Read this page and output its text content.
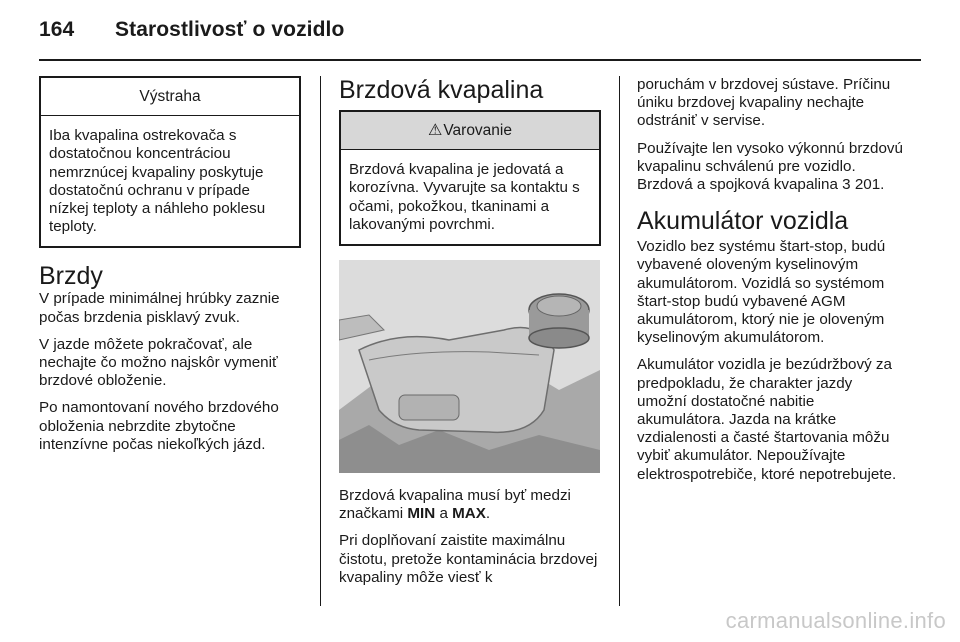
164 Starostlivosť o vozidlo
Výstraha
Iba kvapalina ostrekovača s dostatočnou koncentráciou nemrznúcej kvapaliny poskytuje dostatočnú ochranu v prípade nízkej teploty a náhleho poklesu teploty.
Brzdy

V prípade minimálnej hrúbky zaznie počas brzdenia pisklavý zvuk.

V jazde môžete pokračovať, ale nechajte čo možno najskôr vymeniť brzdové obloženie.

Po namontovaní nového brzdového obloženia nebrzdite zbytočne intenzívne počas niekoľkých jázd.

Brzdová kvapalina
⚠Varovanie
Brzdová kvapalina je jedovatá a korozívna. Vyvarujte sa kontaktu s očami, pokožkou, tkaninami a lakovanými povrchmi.

Brzdová kvapalina musí byť medzi značkami MIN a MAX.

Pri doplňovaní zaistite maximálnu čistotu, pretože kontaminácia brzdovej kvapaliny môže viesť k

poruchám v brzdovej sústave. Príčinu úniku brzdovej kvapaliny nechajte odstrániť v servise.

Používajte len vysoko výkonnú brzdovú kvapalinu schválenú pre vozidlo. Brzdová a spojková kvapalina 3 201.

Akumulátor vozidla

Vozidlo bez systému štart-stop, budú vybavené oloveným kyselinovým akumulátorom. Vozidlá so systémom štart-stop budú vybavené AGM akumulátorom, ktorý nie je oloveným kyselinovým akumulátorom.

Akumulátor vozidla je bezúdržbový za predpokladu, že charakter jazdy umožní dostatočné nabitie akumulátora. Jazda na krátke vzdialenosti a časté štartovania môžu vybiť akumulátor. Nepoužívajte elektrospotrebiče, ktoré nepotrebujete.

carmanualsonline.info
